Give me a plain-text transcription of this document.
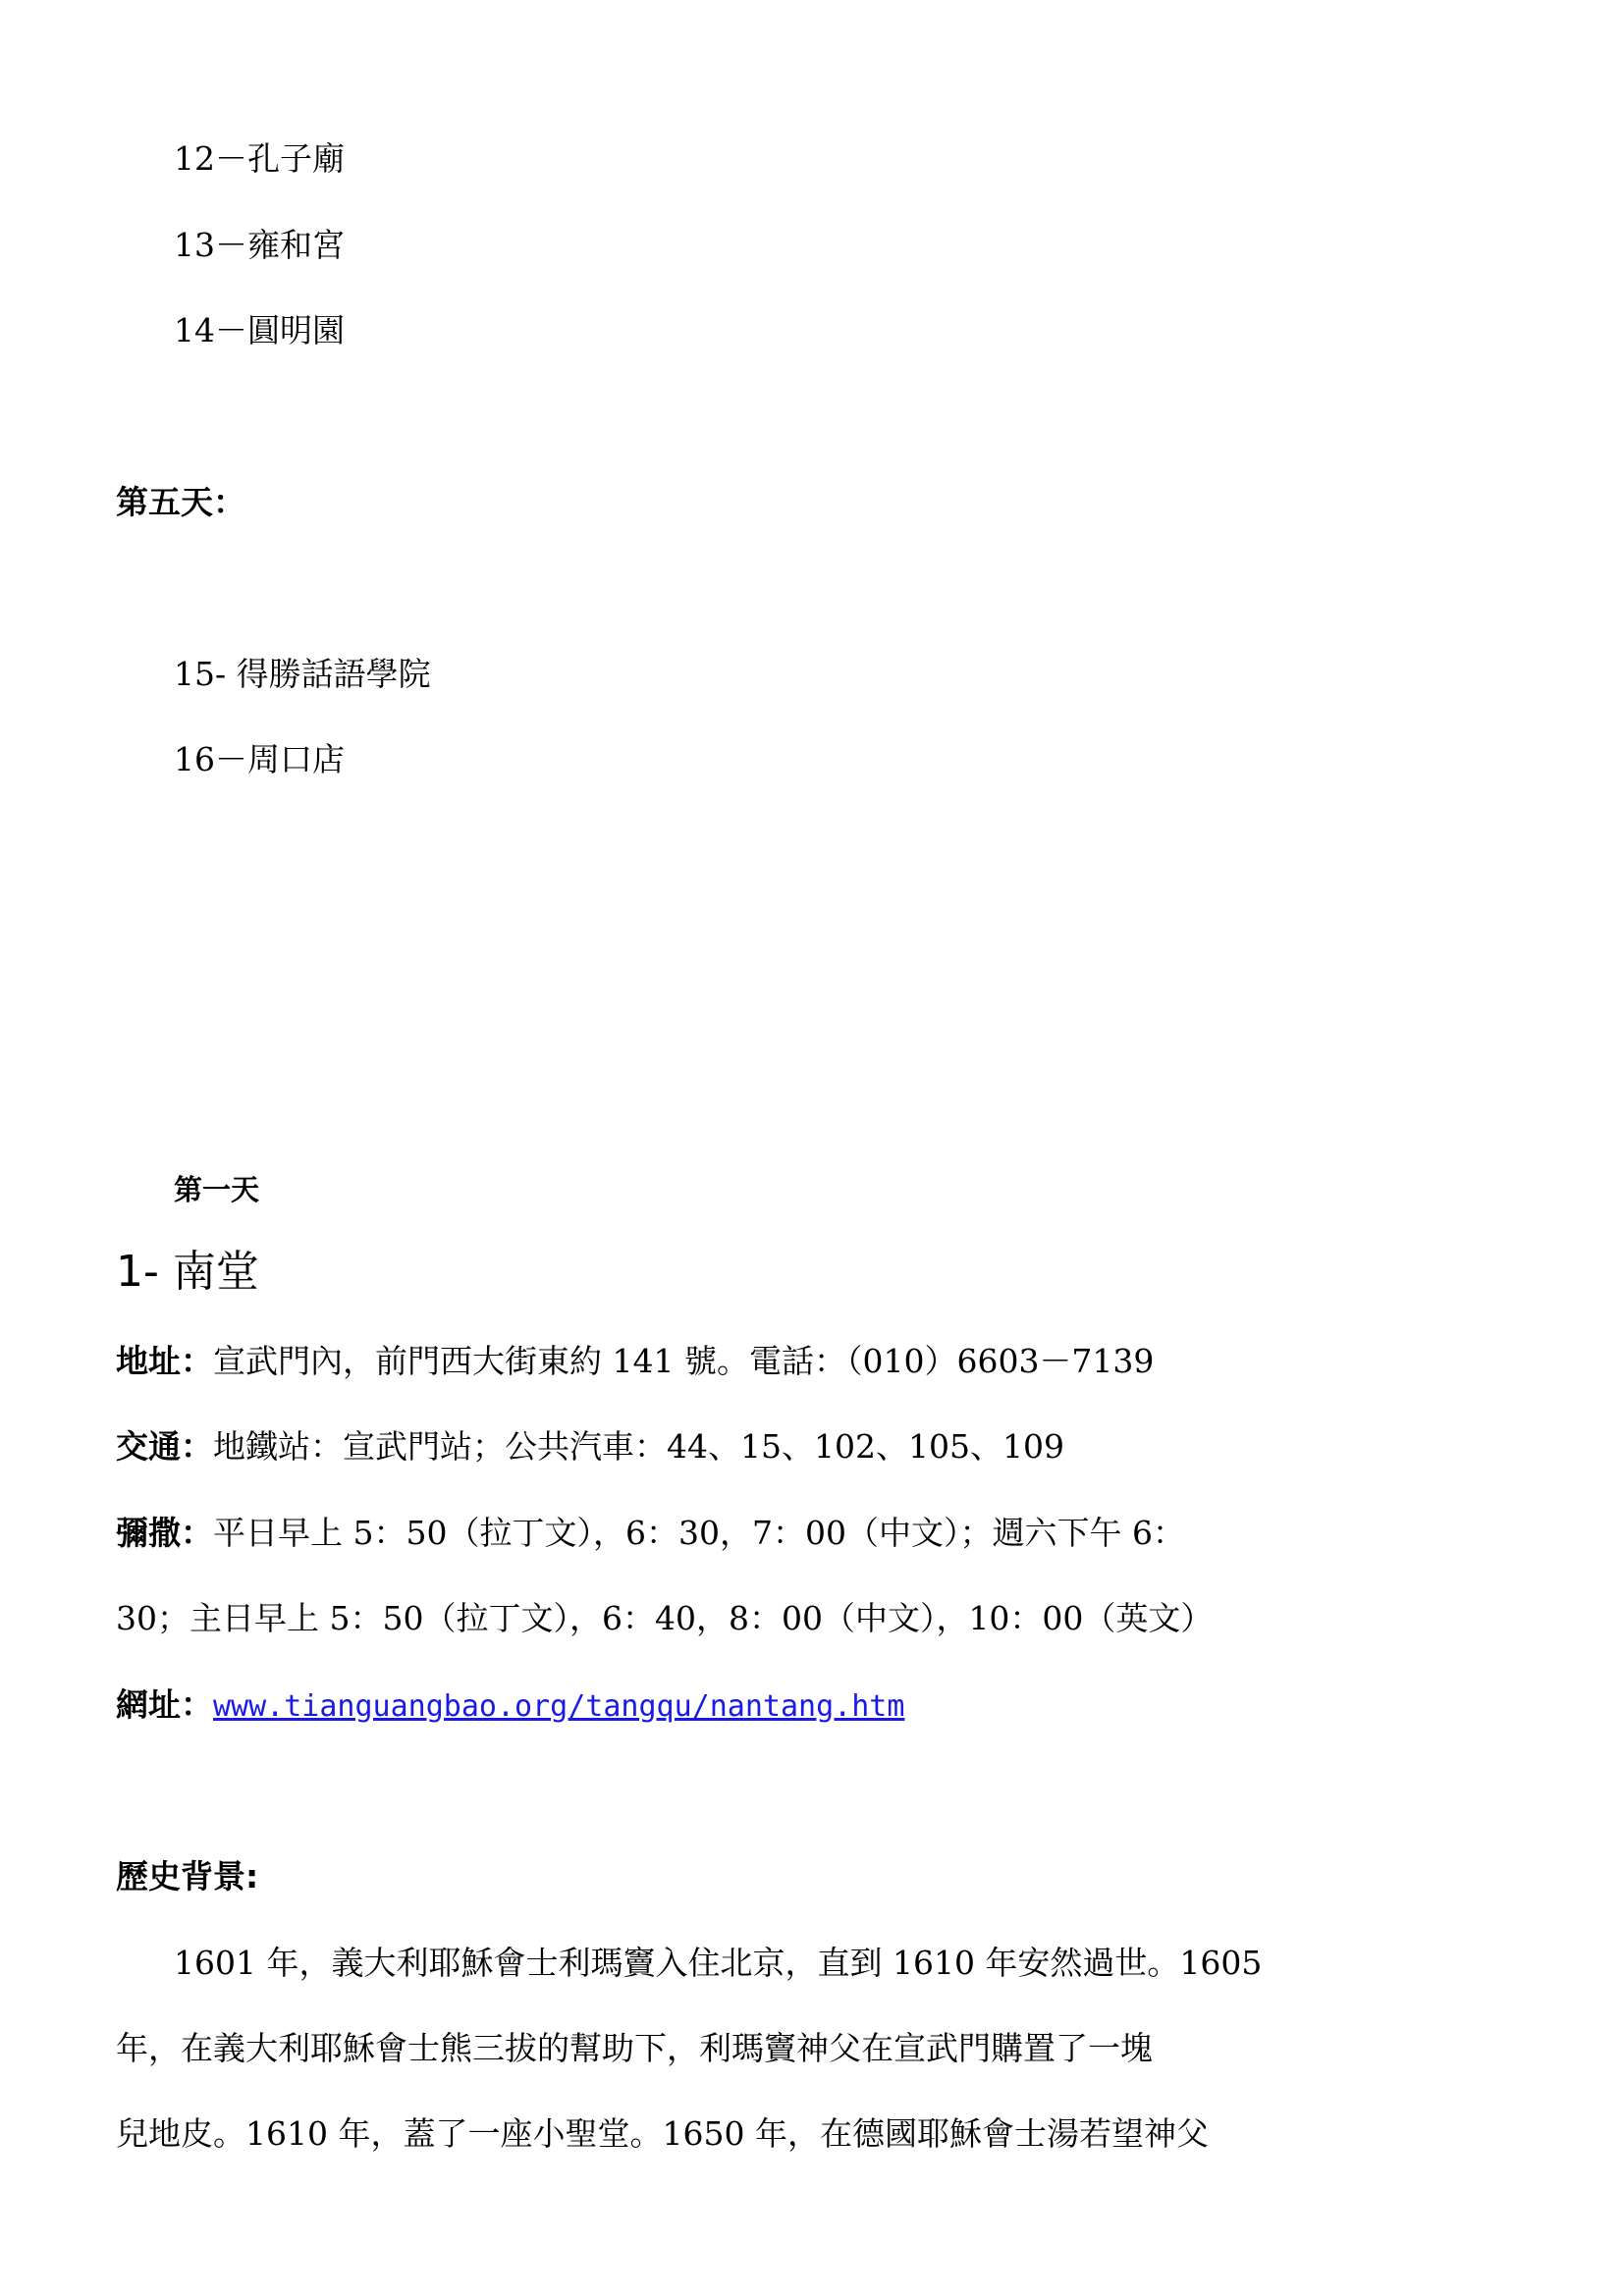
12－孔子廟
13－雍和宮
14－圓明園
第五天：
15- 得勝話語學院
16－周口店
第一天
1- 南堂
地址：宣武門內，前門西大街東約 141 號。電話：（010）6603－7139
交通：地鐵站：宣武門站；公共汽車：44、15、102、105、109
彌撒：平日早上 5：50（拉丁文），6：30，7：00（中文）；週六下午 6：
30；主日早上 5：50（拉丁文），6：40，8：00（中文），10：00（英文）
網址：www.tianguangbao.org/tangqu/nantang.htm
歷史背景:
1601 年，義大利耶穌會士利瑪竇入住北京，直到 1610 年安然過世。1605
年，在義大利耶穌會士熊三拔的幫助下，利瑪竇神父在宣武門購置了一塊
兒地皮。1610 年，蓋了一座小聖堂。1650 年，在德國耶穌會士湯若望神父
